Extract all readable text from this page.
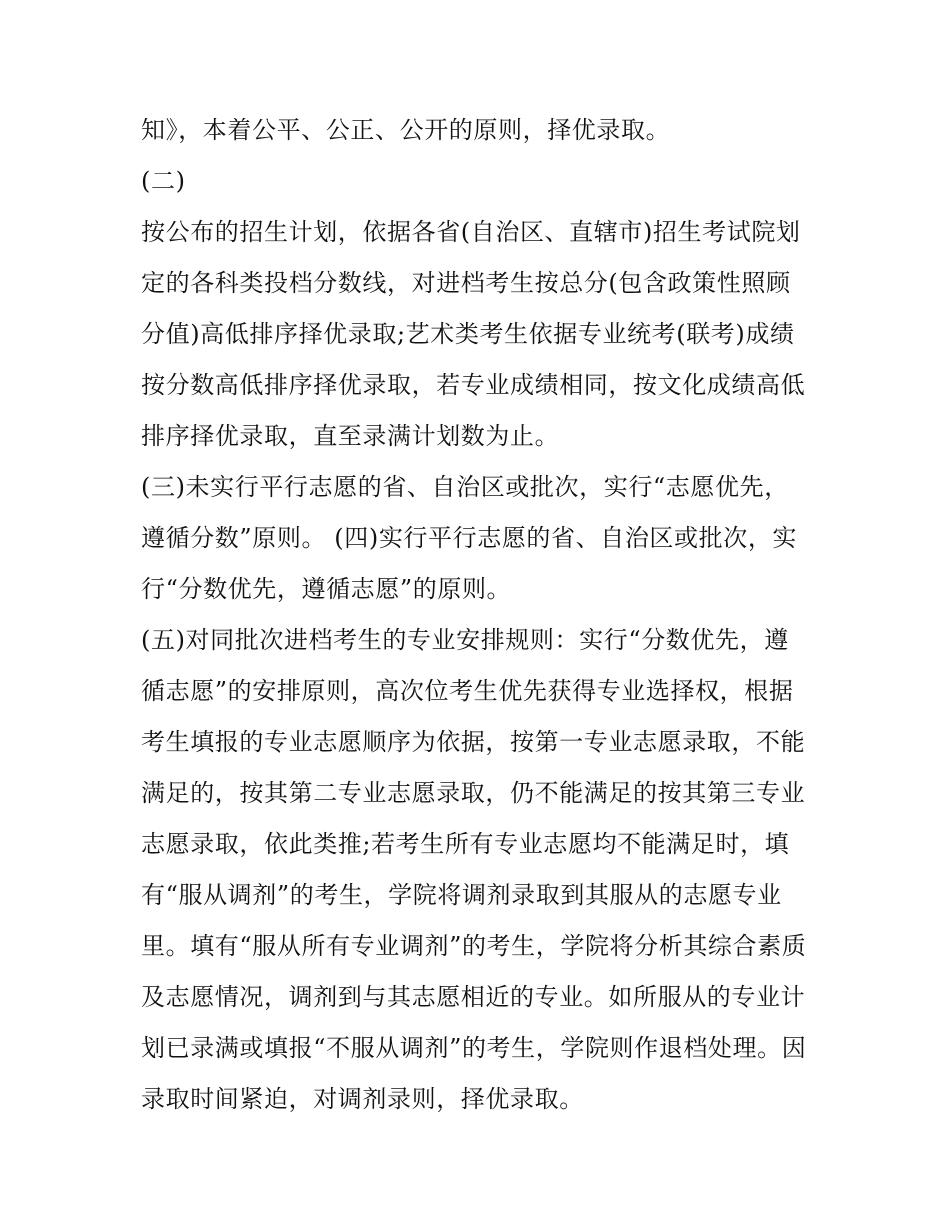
知》，本着公平、公正、公开的原则，择优录取。
(二)
按公布的招生计划，依据各省(自治区、直辖市)招生考试院划
定的各科类投档分数线，对进档考生按总分(包含政策性照顾
分值)高低排序择优录取;艺术类考生依据专业统考(联考)成绩
按分数高低排序择优录取，若专业成绩相同，按文化成绩高低
排序择优录取，直至录满计划数为止。
(三)未实行平行志愿的省、自治区或批次，实行“志愿优先，
遵循分数”原则。 (四)实行平行志愿的省、自治区或批次，实
行“分数优先，遵循志愿”的原则。
(五)对同批次进档考生的专业安排规则：实行“分数优先，遵
循志愿”的安排原则，高次位考生优先获得专业选择权，根据
考生填报的专业志愿顺序为依据，按第一专业志愿录取，不能
满足的，按其第二专业志愿录取，仍不能满足的按其第三专业
志愿录取，依此类推;若考生所有专业志愿均不能满足时，填
有“服从调剂”的考生，学院将调剂录取到其服从的志愿专业
里。填有“服从所有专业调剂”的考生，学院将分析其综合素质
及志愿情况，调剂到与其志愿相近的专业。如所服从的专业计
划已录满或填报“不服从调剂”的考生，学院则作退档处理。因
录取时间紧迫，对调剂录则，择优录取。
